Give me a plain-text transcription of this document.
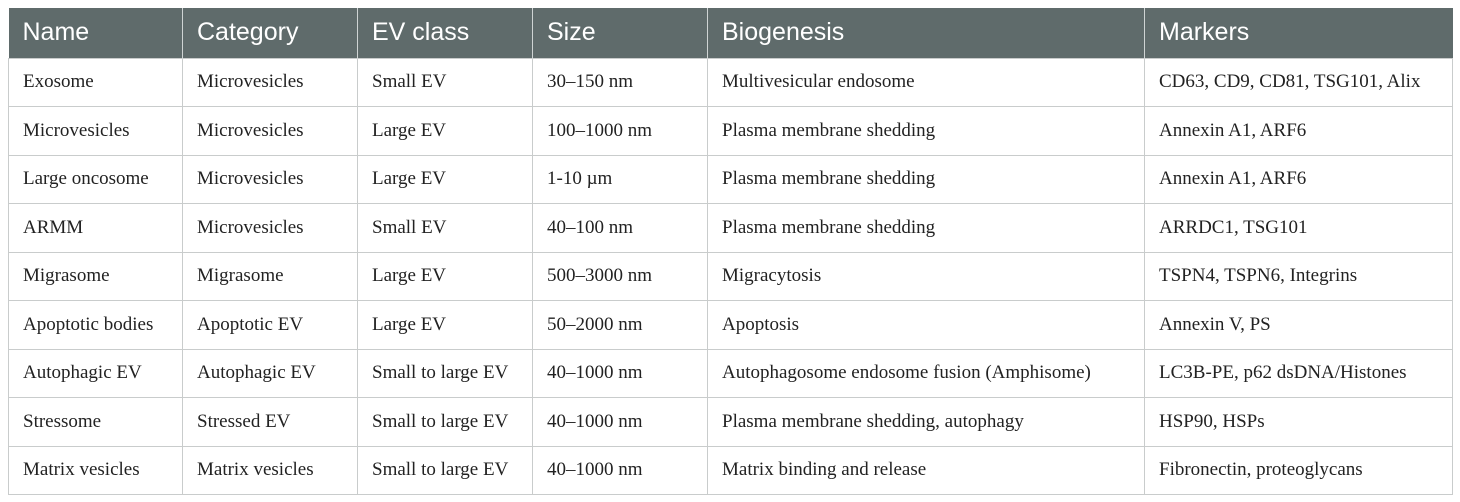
Name	Category	EV class	Size	Biogenesis	Markers
Exosome	Microvesicles	Small EV	30–150 nm	Multivesicular endosome	CD63, CD9, CD81, TSG101, Alix
Microvesicles	Microvesicles	Large EV	100–1000 nm	Plasma membrane shedding	Annexin A1, ARF6
Large oncosome	Microvesicles	Large EV	1-10 µm	Plasma membrane shedding	Annexin A1, ARF6
ARMM	Microvesicles	Small EV	40–100 nm	Plasma membrane shedding	ARRDC1, TSG101
Migrasome	Migrasome	Large EV	500–3000 nm	Migracytosis	TSPN4, TSPN6, Integrins
Apoptotic bodies	Apoptotic EV	Large EV	50–2000 nm	Apoptosis	Annexin V, PS
Autophagic EV	Autophagic EV	Small to large EV	40–1000 nm	Autophagosome endosome fusion (Amphisome)	LC3B-PE, p62 dsDNA/Histones
Stressome	Stressed EV	Small to large EV	40–1000 nm	Plasma membrane shedding, autophagy	HSP90, HSPs
Matrix vesicles	Matrix vesicles	Small to large EV	40–1000 nm	Matrix binding and release	Fibronectin, proteoglycans
